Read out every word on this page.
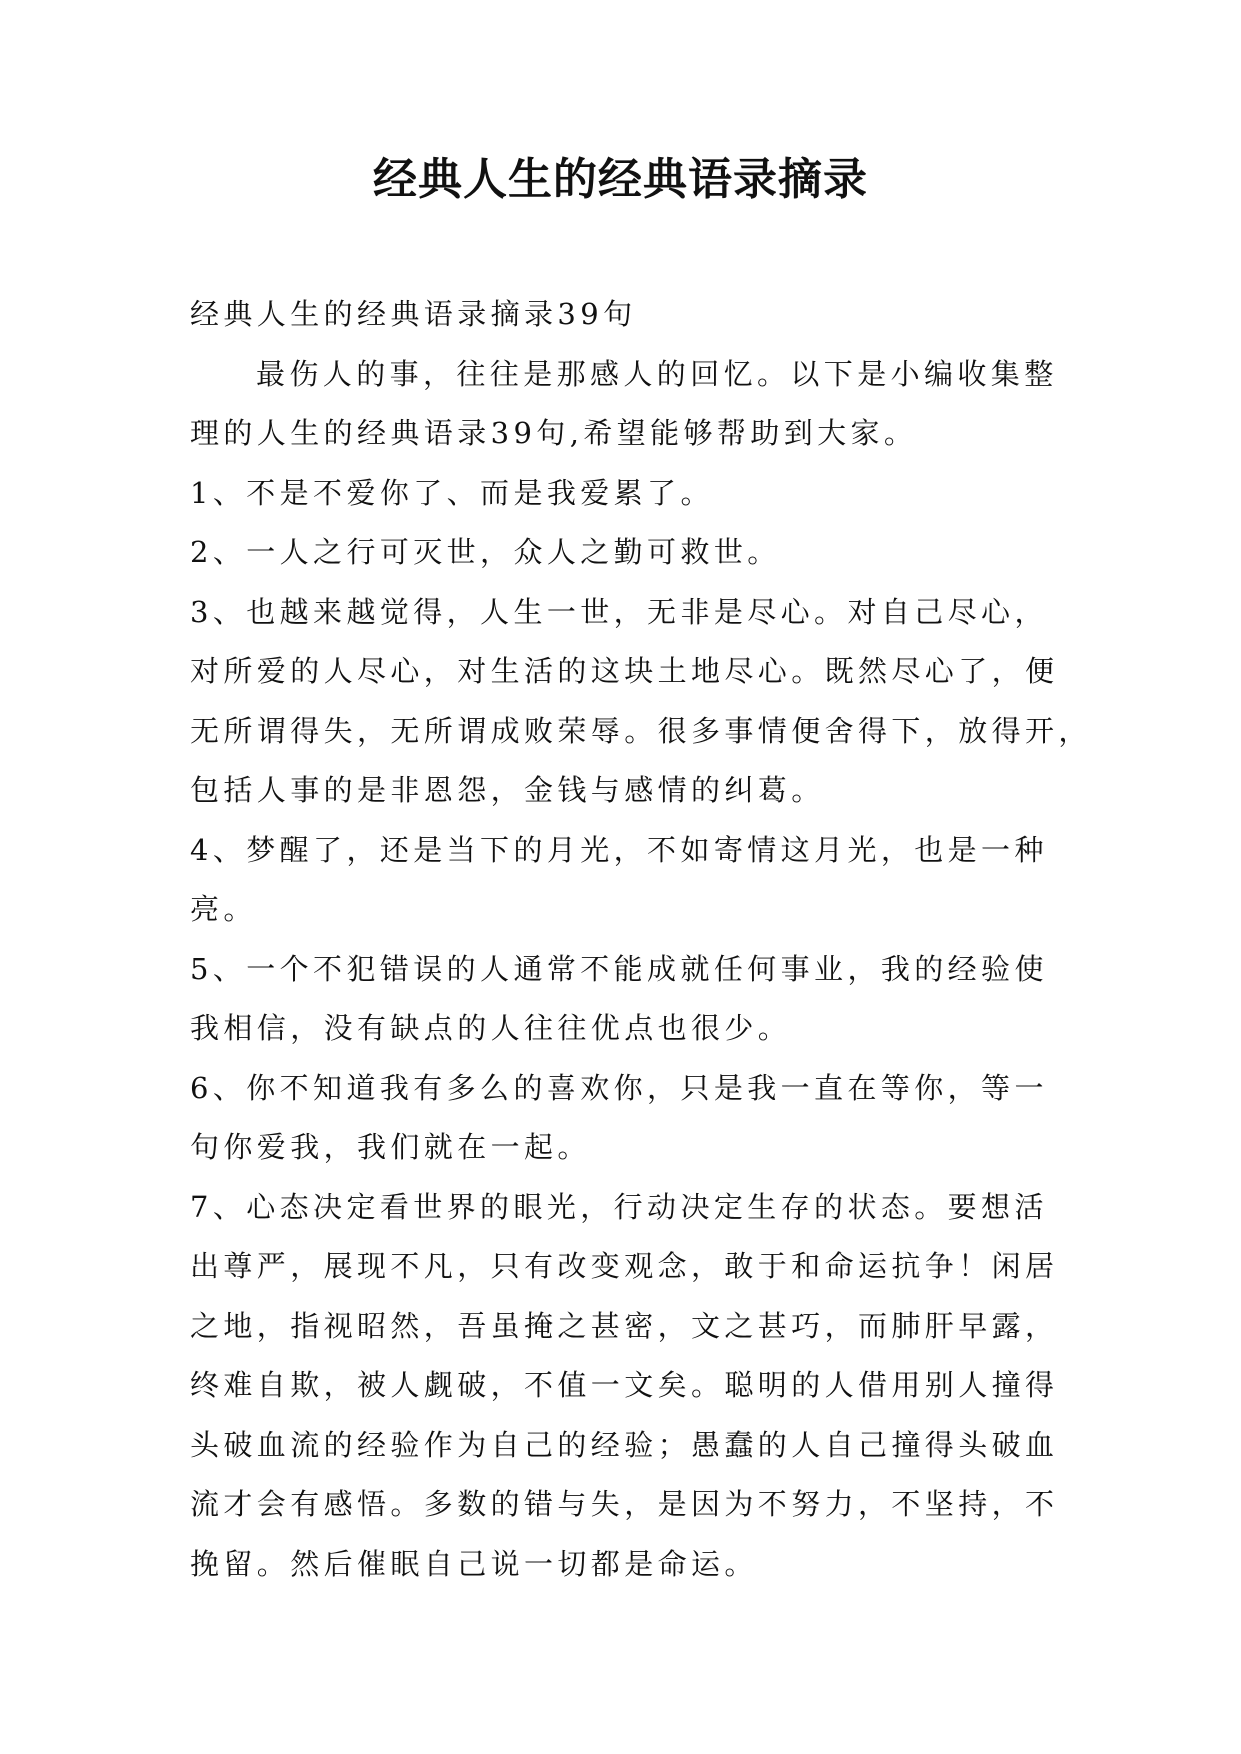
经典人生的经典语录摘录
经典人生的经典语录摘录39句
最伤人的事，往往是那感人的回忆。以下是小编收集整
理的人生的经典语录39句,希望能够帮助到大家。
1、不是不爱你了、而是我爱累了。
2、一人之行可灭世，众人之勤可救世。
3、也越来越觉得，人生一世，无非是尽心。对自己尽心，
对所爱的人尽心，对生活的这块土地尽心。既然尽心了，便
无所谓得失，无所谓成败荣辱。很多事情便舍得下，放得开，
包括人事的是非恩怨，金钱与感情的纠葛。
4、梦醒了，还是当下的月光，不如寄情这月光，也是一种
亮。
5、一个不犯错误的人通常不能成就任何事业，我的经验使
我相信，没有缺点的人往往优点也很少。
6、你不知道我有多么的喜欢你，只是我一直在等你，等一
句你爱我，我们就在一起。
7、心态决定看世界的眼光，行动决定生存的状态。要想活
出尊严，展现不凡，只有改变观念，敢于和命运抗争！闲居
之地，指视昭然，吾虽掩之甚密，文之甚巧，而肺肝早露，
终难自欺，被人觑破，不值一文矣。聪明的人借用别人撞得
头破血流的经验作为自己的经验；愚蠢的人自己撞得头破血
流才会有感悟。多数的错与失，是因为不努力，不坚持，不
挽留。然后催眠自己说一切都是命运。
